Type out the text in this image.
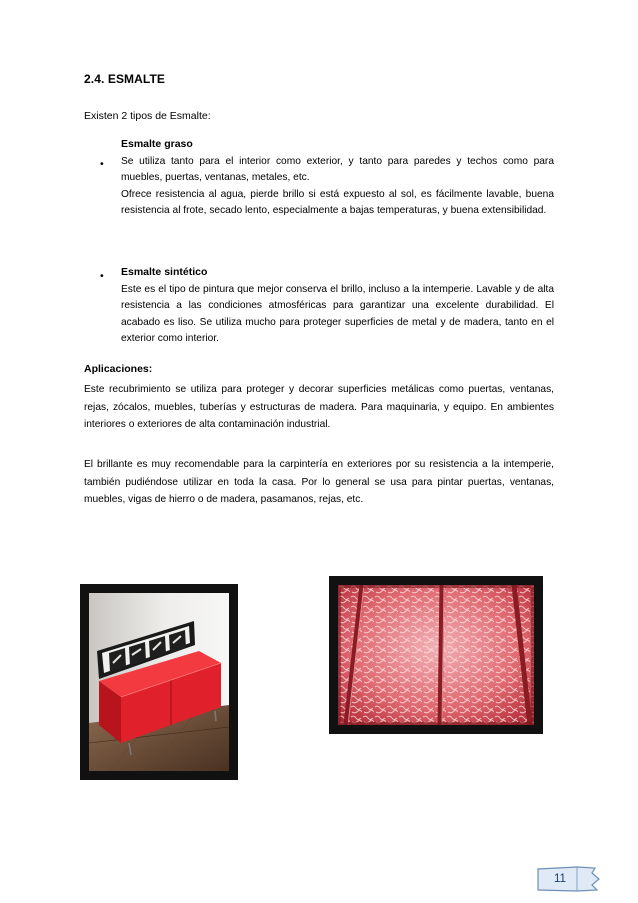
2.4. ESMALTE
Existen 2 tipos de Esmalte:
•
Esmalte graso
Se utiliza tanto para el interior como exterior, y tanto para paredes y techos como para muebles, puertas, ventanas, metales, etc.
Ofrece resistencia al agua, pierde brillo si está expuesto al sol, es fácilmente lavable, buena resistencia al frote, secado lento, especialmente a bajas temperaturas, y buena extensibilidad.
• Esmalte sintético
Este es el tipo de pintura que mejor conserva el brillo, incluso a la intemperie. Lavable y de alta resistencia a las condiciones atmosféricas para garantizar una excelente durabilidad. El acabado es liso. Se utiliza mucho para proteger superficies de metal y de madera, tanto en el exterior como interior.
Aplicaciones:
Este recubrimiento se utiliza para proteger y decorar superficies metálicas como puertas, ventanas, rejas, zócalos, muebles, tuberías y estructuras de madera. Para maquinaria, y equipo. En ambientes interiores o exteriores de alta contaminación industrial.
El brillante es muy recomendable para la carpintería en exteriores por su resistencia a la intemperie, también pudiéndose utilizar en toda la casa. Por lo general se usa para pintar puertas, ventanas, muebles, vigas de hierro o de madera, pasamanos, rejas, etc.
11
